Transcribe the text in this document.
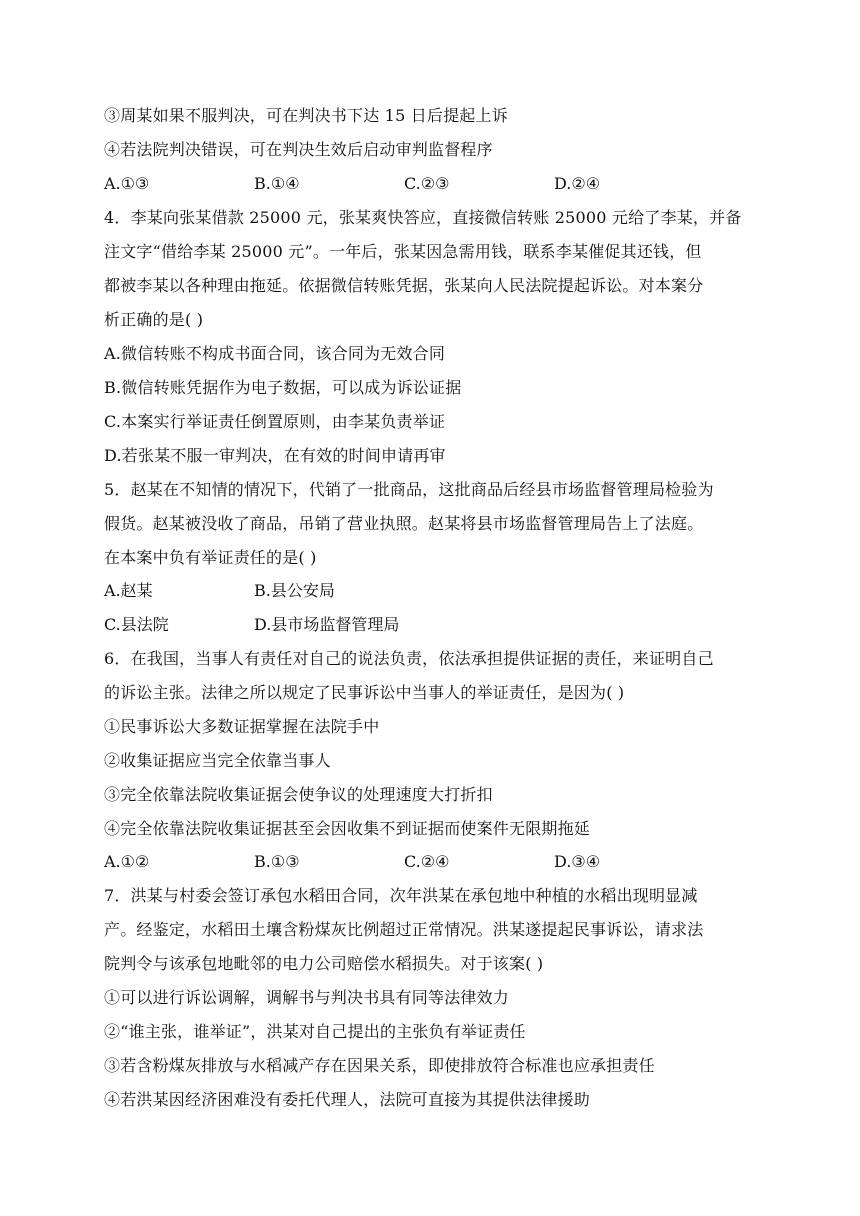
③周某如果不服判决，可在判决书下达 15 日后提起上诉
④若法院判决错误，可在判决生效后启动审判监督程序
A.①③	B.①④	C.②③	D.②④
4．李某向张某借款 25000 元，张某爽快答应，直接微信转账 25000 元给了李某，并备
注文字“借给李某 25000 元”。一年后，张某因急需用钱，联系李某催促其还钱，但
都被李某以各种理由拖延。依据微信转账凭据，张某向人民法院提起诉讼。对本案分
析正确的是( )
A.微信转账不构成书面合同，该合同为无效合同
B.微信转账凭据作为电子数据，可以成为诉讼证据
C.本案实行举证责任倒置原则，由李某负责举证
D.若张某不服一审判决，在有效的时间申请再审
5．赵某在不知情的情况下，代销了一批商品，这批商品后经县市场监督管理局检验为
假货。赵某被没收了商品，吊销了营业执照。赵某将县市场监督管理局告上了法庭。
在本案中负有举证责任的是( )
A.赵某	B.县公安局
C.县法院	D.县市场监督管理局
6．在我国，当事人有责任对自己的说法负责，依法承担提供证据的责任，来证明自己
的诉讼主张。法律之所以规定了民事诉讼中当事人的举证责任，是因为( )
①民事诉讼大多数证据掌握在法院手中
②收集证据应当完全依靠当事人
③完全依靠法院收集证据会使争议的处理速度大打折扣
④完全依靠法院收集证据甚至会因收集不到证据而使案件无限期拖延
A.①②	B.①③	C.②④	D.③④
7．洪某与村委会签订承包水稻田合同，次年洪某在承包地中种植的水稻出现明显减
产。经鉴定，水稻田土壤含粉煤灰比例超过正常情况。洪某遂提起民事诉讼，请求法
院判令与该承包地毗邻的电力公司赔偿水稻损失。对于该案( )
①可以进行诉讼调解，调解书与判决书具有同等法律效力
②“谁主张，谁举证”，洪某对自己提出的主张负有举证责任
③若含粉煤灰排放与水稻减产存在因果关系，即使排放符合标准也应承担责任
④若洪某因经济困难没有委托代理人，法院可直接为其提供法律援助
